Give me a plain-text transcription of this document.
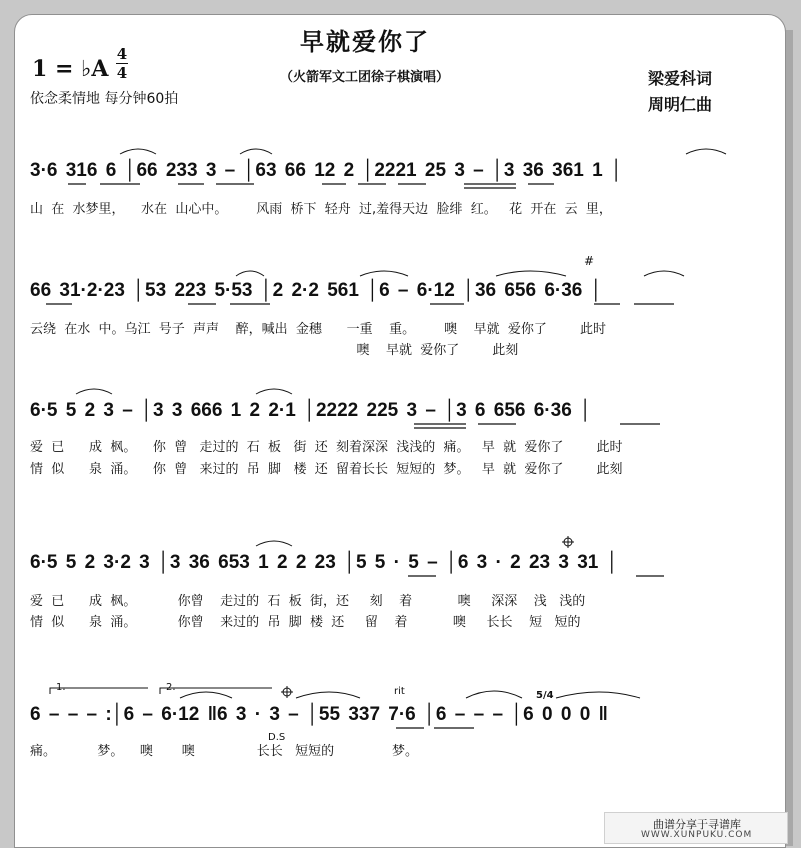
早就爱你了
（火箭军文工团徐子棋演唱）
1 = ♭A
4
4
依念柔情地 每分钟60拍
梁爱科词
周明仁曲
3·6 316 6 │66 233 3 – │63 66 12 2 │2221 25 3 – │3 36 361 1 │
山  在  水梦里，    水在  山心中。       风雨  桥下  轻舟  过,羞得天边  脸绯  红。   花  开在  云  里，
66 31·2·23 │53 223 5·53 │2 2·2 561 │6 – 6·12 │36 656 6·36 │
云绕  在水  中。乌江  号子  声声    醉，喊出  金穗      一重    重。       噢    早就  爱你了        此时
噢    早就  爱你了        此刻
6·5 5 2 3 – │3 3 666 1 2 2·1 │2222 225 3 – │3 6 656 6·36 │
爱  已      成  枫。    你  曾   走过的  石  板   街  还  刻着深深  浅浅的  痛。   早  就  爱你了        此时
情  似      泉  涌。    你  曾   来过的  吊  脚   楼  还  留着长长  短短的  梦。   早  就  爱你了        此刻
6·5 5 2 3·2 3 │3 36 653 1 2 2 23 │5 5 · 5 – │6 3 · 2 23 3 31 │
爱  已      成  枫。          你曾    走过的  石  板  街，还     刻    着           噢     深深    浅   浅的
情  似      泉  涌。          你曾    来过的  吊  脚  楼  还     留    着           噢     长长    短   短的
6 – – – :│6 – 6·12 ‖6 3 · 3 – │55 337 7·6 │6 – – – │6 0 0 0 ‖
痛。          梦。    噢       噢               长长   短短的              梦。
1.	2.
D.S
rit	5/4
#
曲谱分享于寻谱库
WWW.XUNPUKU.COM
